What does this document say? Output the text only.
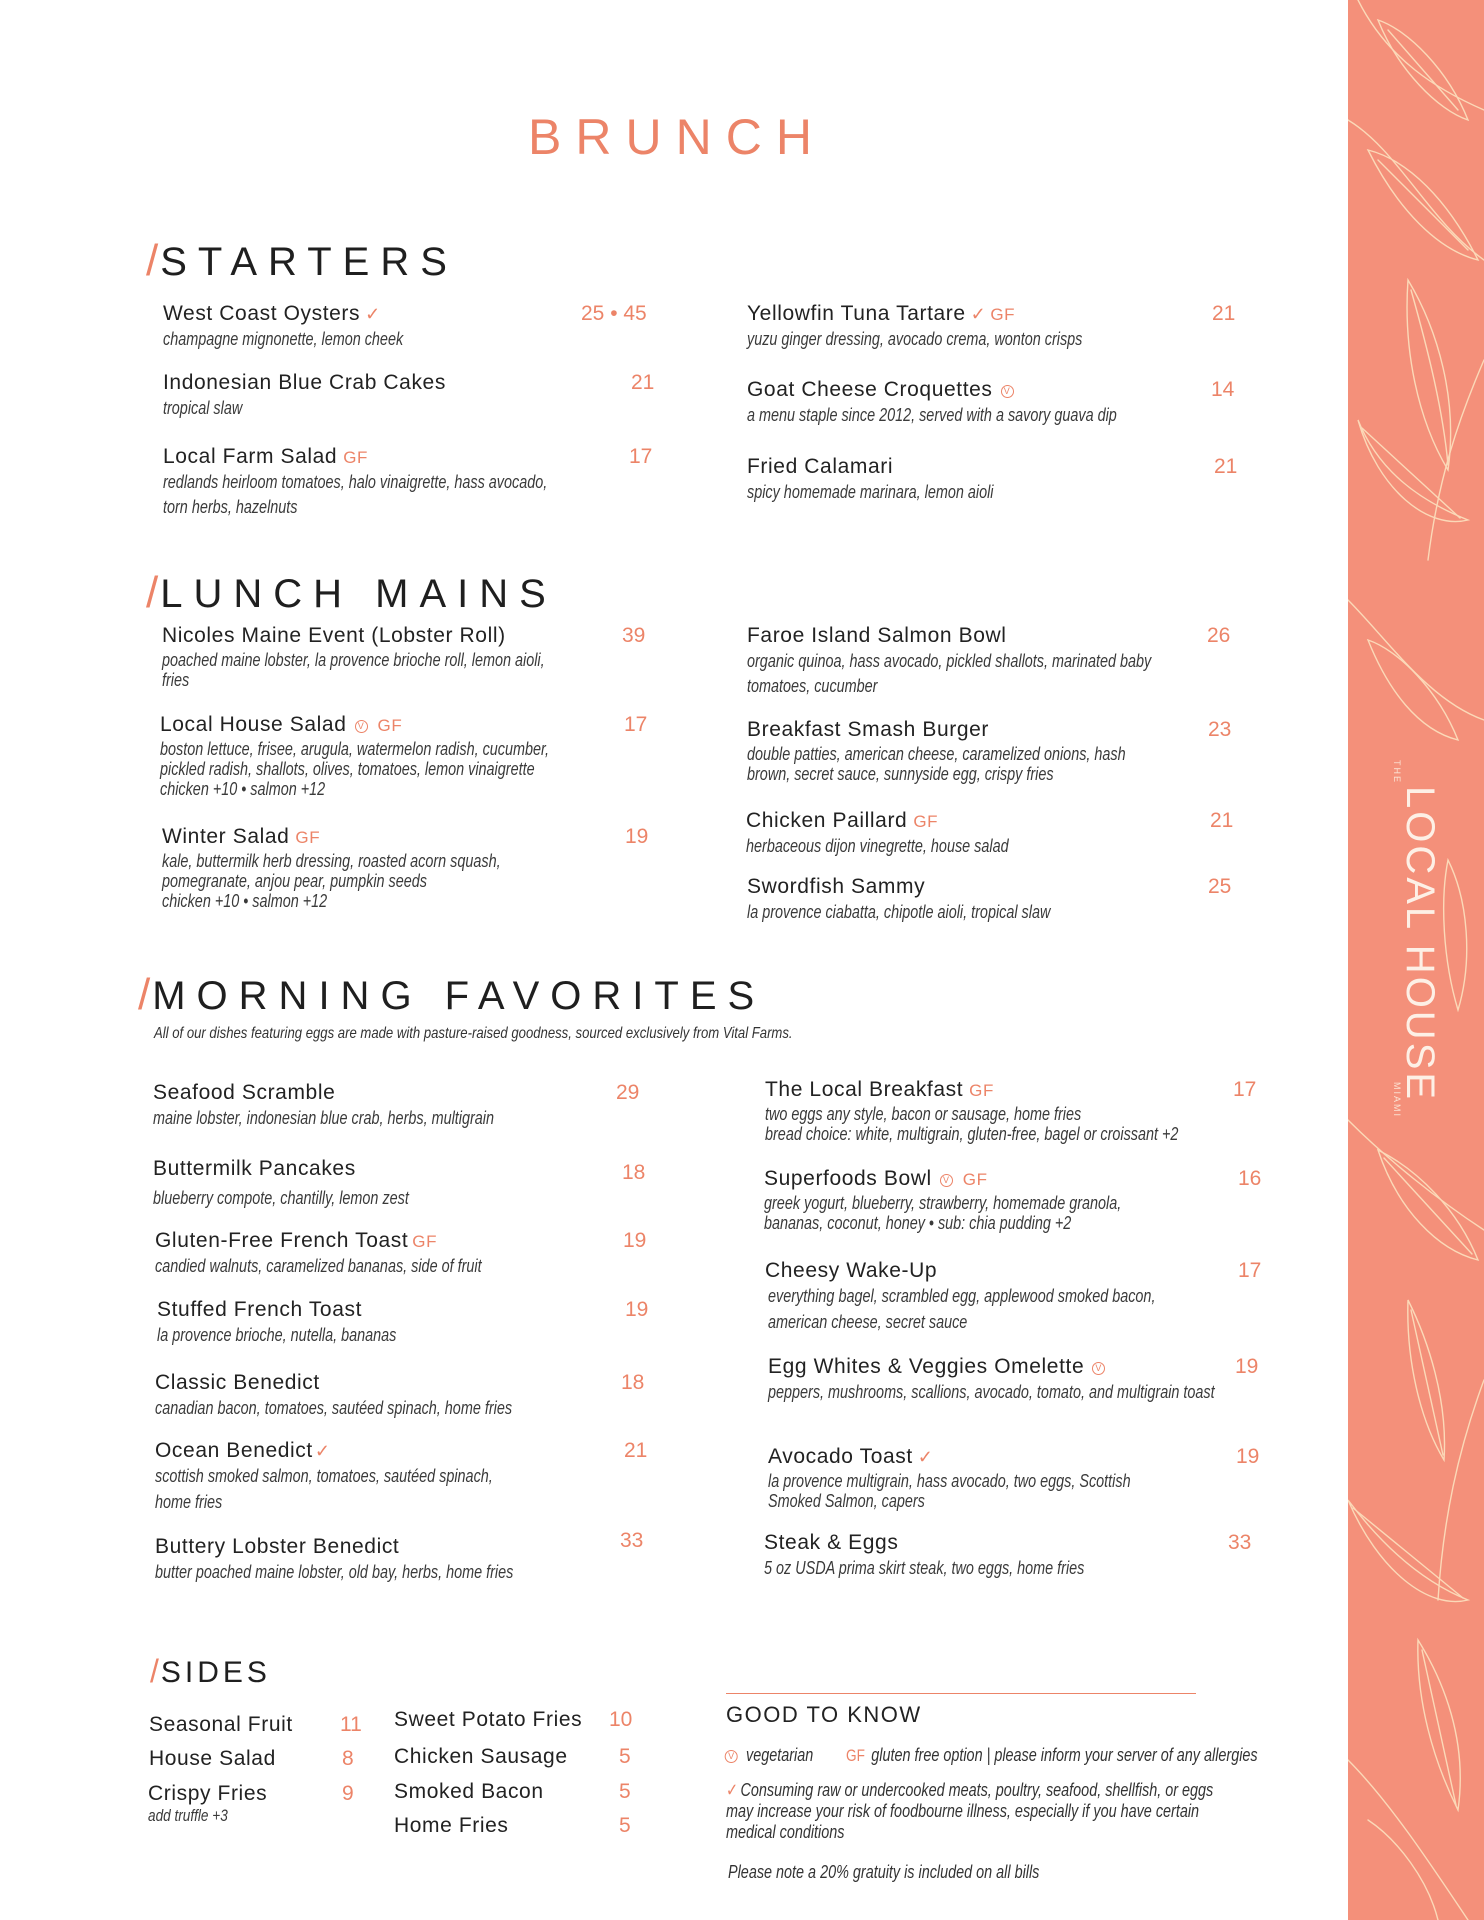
BRUNCH
/STARTERS
West Coast Oysters ✓	25 • 45
champagne mignonette, lemon cheek
Indonesian Blue Crab Cakes	21
tropical slaw
Local Farm Salad GF	17
redlands heirloom tomatoes, halo vinaigrette, hass avocado,
torn herbs, hazelnuts
Yellowfin Tuna Tartare ✓ GF	21
yuzu ginger dressing, avocado crema, wonton crisps
Goat Cheese Croquettes V	14
a menu staple since 2012, served with a savory guava dip
Fried Calamari	21
spicy homemade marinara, lemon aioli
/LUNCH MAINS
Nicoles Maine Event (Lobster Roll)	39
poached maine lobster, la provence brioche roll, lemon aioli,
fries
Local House Salad V GF	17
boston lettuce, frisee, arugula, watermelon radish, cucumber,
pickled radish, shallots, olives, tomatoes, lemon vinaigrette
chicken +10 • salmon +12
Winter Salad GF	19
kale, buttermilk herb dressing, roasted acorn squash,
pomegranate, anjou pear, pumpkin seeds
chicken +10 • salmon +12
Faroe Island Salmon Bowl	26
organic quinoa, hass avocado, pickled shallots, marinated baby
tomatoes, cucumber
Breakfast Smash Burger	23
double patties, american cheese, caramelized onions, hash
brown, secret sauce, sunnyside egg, crispy fries
Chicken Paillard GF	21
herbaceous dijon vinegrette, house salad
Swordfish Sammy	25
la provence ciabatta, chipotle aioli, tropical slaw
/MORNING FAVORITES
All of our dishes featuring eggs are made with pasture-raised goodness, sourced exclusively from Vital Farms.
Seafood Scramble	29
maine lobster, indonesian blue crab, herbs, multigrain
Buttermilk Pancakes	18
blueberry compote, chantilly, lemon zest
Gluten-Free French Toast GF	19
candied walnuts, caramelized bananas, side of fruit
Stuffed French Toast	19
la provence brioche, nutella, bananas
Classic Benedict	18
canadian bacon, tomatoes, sautéed spinach, home fries
Ocean Benedict ✓	21
scottish smoked salmon, tomatoes, sautéed spinach,
home fries
Buttery Lobster Benedict	33
butter poached maine lobster, old bay, herbs, home fries
The Local Breakfast GF	17
two eggs any style, bacon or sausage, home fries
bread choice: white, multigrain, gluten-free, bagel or croissant +2
Superfoods Bowl V GF	16
greek yogurt, blueberry, strawberry, homemade granola,
bananas, coconut, honey • sub: chia pudding +2
Cheesy Wake-Up	17
everything bagel, scrambled egg, applewood smoked bacon,
american cheese, secret sauce
Egg Whites & Veggies Omelette V	19
peppers, mushrooms, scallions, avocado, tomato, and multigrain toast
Avocado Toast ✓	19
la provence multigrain, hass avocado, two eggs, Scottish
Smoked Salmon, capers
Steak & Eggs	33
5 oz USDA prima skirt steak, two eggs, home fries
/SIDES
Seasonal Fruit	11
House Salad	8
Crispy Fries	9
add truffle +3
Sweet Potato Fries	10
Chicken Sausage	5
Smoked Bacon	5
Home Fries	5
GOOD TO KNOW
V vegetarian GF gluten free option | please inform your server of any allergies
✓ Consuming raw or undercooked meats, poultry, seafood, shellfish, or eggs
may increase your risk of foodbourne illness, especially if you have certain
medical conditions
Please note a 20% gratuity is included on all bills
THE
LOCAL HOUSE
MIAMI
